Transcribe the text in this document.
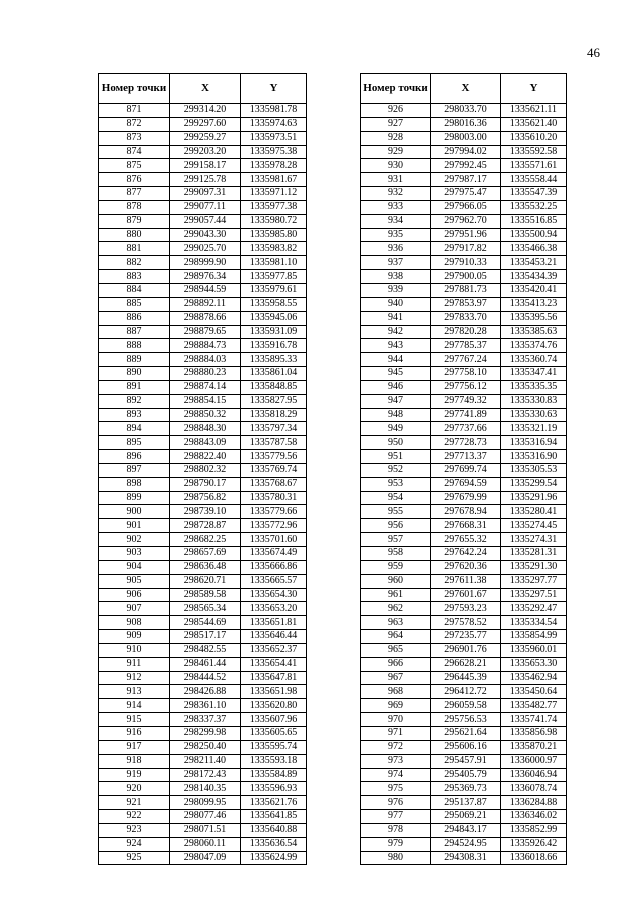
46
Номер точки	X	Y
871	299314.20	1335981.78
872	299297.60	1335974.63
873	299259.27	1335973.51
874	299203.20	1335975.38
875	299158.17	1335978.28
876	299125.78	1335981.67
877	299097.31	1335971.12
878	299077.11	1335977.38
879	299057.44	1335980.72
880	299043.30	1335985.80
881	299025.70	1335983.82
882	298999.90	1335981.10
883	298976.34	1335977.85
884	298944.59	1335979.61
885	298892.11	1335958.55
886	298878.66	1335945.06
887	298879.65	1335931.09
888	298884.73	1335916.78
889	298884.03	1335895.33
890	298880.23	1335861.04
891	298874.14	1335848.85
892	298854.15	1335827.95
893	298850.32	1335818.29
894	298848.30	1335797.34
895	298843.09	1335787.58
896	298822.40	1335779.56
897	298802.32	1335769.74
898	298790.17	1335768.67
899	298756.82	1335780.31
900	298739.10	1335779.66
901	298728.87	1335772.96
902	298682.25	1335701.60
903	298657.69	1335674.49
904	298636.48	1335666.86
905	298620.71	1335665.57
906	298589.58	1335654.30
907	298565.34	1335653.20
908	298544.69	1335651.81
909	298517.17	1335646.44
910	298482.55	1335652.37
911	298461.44	1335654.41
912	298444.52	1335647.81
913	298426.88	1335651.98
914	298361.10	1335620.80
915	298337.37	1335607.96
916	298299.98	1335605.65
917	298250.40	1335595.74
918	298211.40	1335593.18
919	298172.43	1335584.89
920	298140.35	1335596.93
921	298099.95	1335621.76
922	298077.46	1335641.85
923	298071.51	1335640.88
924	298060.11	1335636.54
925	298047.09	1335624.99
Номер точки	X	Y
926	298033.70	1335621.11
927	298016.36	1335621.40
928	298003.00	1335610.20
929	297994.02	1335592.58
930	297992.45	1335571.61
931	297987.17	1335558.44
932	297975.47	1335547.39
933	297966.05	1335532.25
934	297962.70	1335516.85
935	297951.96	1335500.94
936	297917.82	1335466.38
937	297910.33	1335453.21
938	297900.05	1335434.39
939	297881.73	1335420.41
940	297853.97	1335413.23
941	297833.70	1335395.56
942	297820.28	1335385.63
943	297785.37	1335374.76
944	297767.24	1335360.74
945	297758.10	1335347.41
946	297756.12	1335335.35
947	297749.32	1335330.83
948	297741.89	1335330.63
949	297737.66	1335321.19
950	297728.73	1335316.94
951	297713.37	1335316.90
952	297699.74	1335305.53
953	297694.59	1335299.54
954	297679.99	1335291.96
955	297678.94	1335280.41
956	297668.31	1335274.45
957	297655.32	1335274.31
958	297642.24	1335281.31
959	297620.36	1335291.30
960	297611.38	1335297.77
961	297601.67	1335297.51
962	297593.23	1335292.47
963	297578.52	1335334.54
964	297235.77	1335854.99
965	296901.76	1335960.01
966	296628.21	1335653.30
967	296445.39	1335462.94
968	296412.72	1335450.64
969	296059.58	1335482.77
970	295756.53	1335741.74
971	295621.64	1335856.98
972	295606.16	1335870.21
973	295457.91	1336000.97
974	295405.79	1336046.94
975	295369.73	1336078.74
976	295137.87	1336284.88
977	295069.21	1336346.02
978	294843.17	1335852.99
979	294524.95	1335926.42
980	294308.31	1336018.66
